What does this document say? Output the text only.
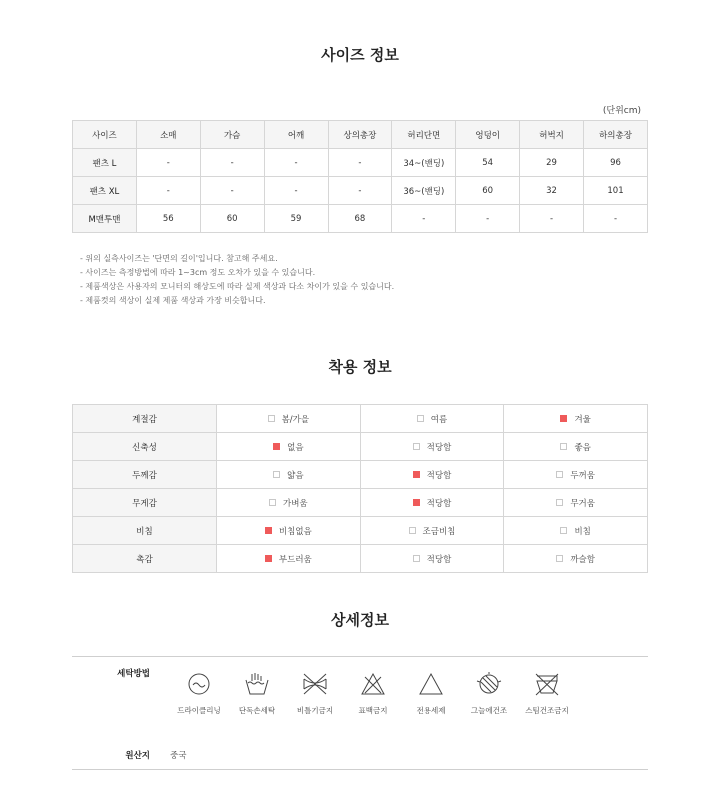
사이즈 정보
(단위cm)
사이즈	소매	가슴	어깨	상의총장	허리단면	엉덩이	허벅지	하의총장
팬츠 L	-	-	-	-	34~(밴딩)	54	29	96
팬츠 XL	-	-	-	-	36~(밴딩)	60	32	101
M맨투맨	56	60	59	68	-	-	-	-
- 위의 실측사이즈는 '단면의 길이'입니다. 참고해 주세요.
- 사이즈는 측정방법에 따라 1~3cm 정도 오차가 있을 수 있습니다.
- 제품색상은 사용자의 모니터의 해상도에 따라 실제 색상과 다소 차이가 있을 수 있습니다.
- 제품컷의 색상이 실제 제품 색상과 가장 비슷합니다.
착용 정보
계절감	봄/가을	여름	겨울

신축성	없음	적당함	좋음

두께감	얇음	적당함	두꺼움

무게감	가벼움	적당함	무거움

비침	비침없음	조금비침	비침

촉감	부드러움	적당함	까슬함
상세정보
세탁방법
드라이클리닝	단독손세탁	비틀기금지	표백금지	전용세제	그늘에건조	스팀건조금지
원산지 중국
